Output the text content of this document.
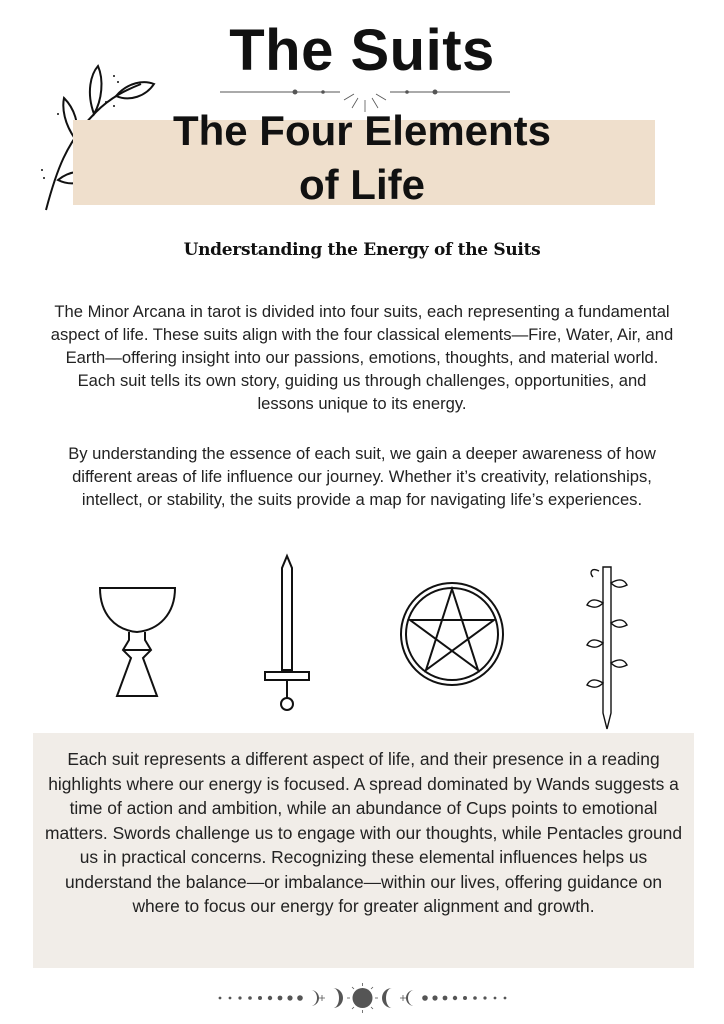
The Suits
The Four Elements of Life
Understanding the Energy of the Suits

The Minor Arcana in tarot is divided into four suits, each representing a fundamental aspect of life. These suits align with the four classical elements—Fire, Water, Air, and Earth—offering insight into our passions, emotions, thoughts, and material world. Each suit tells its own story, guiding us through challenges, opportunities, and lessons unique to its energy.

By understanding the essence of each suit, we gain a deeper awareness of how different areas of life influence our journey. Whether it’s creativity, relationships, intellect, or stability, the suits provide a map for navigating life’s experiences.

Each suit represents a different aspect of life, and their presence in a reading highlights where our energy is focused. A spread dominated by Wands suggests a time of action and ambition, while an abundance of Cups points to emotional matters. Swords challenge us to engage with our thoughts, while Pentacles ground us in practical concerns. Recognizing these elemental influences helps us understand the balance—or imbalance—within our lives, offering guidance on where to focus our energy for greater alignment and growth.
